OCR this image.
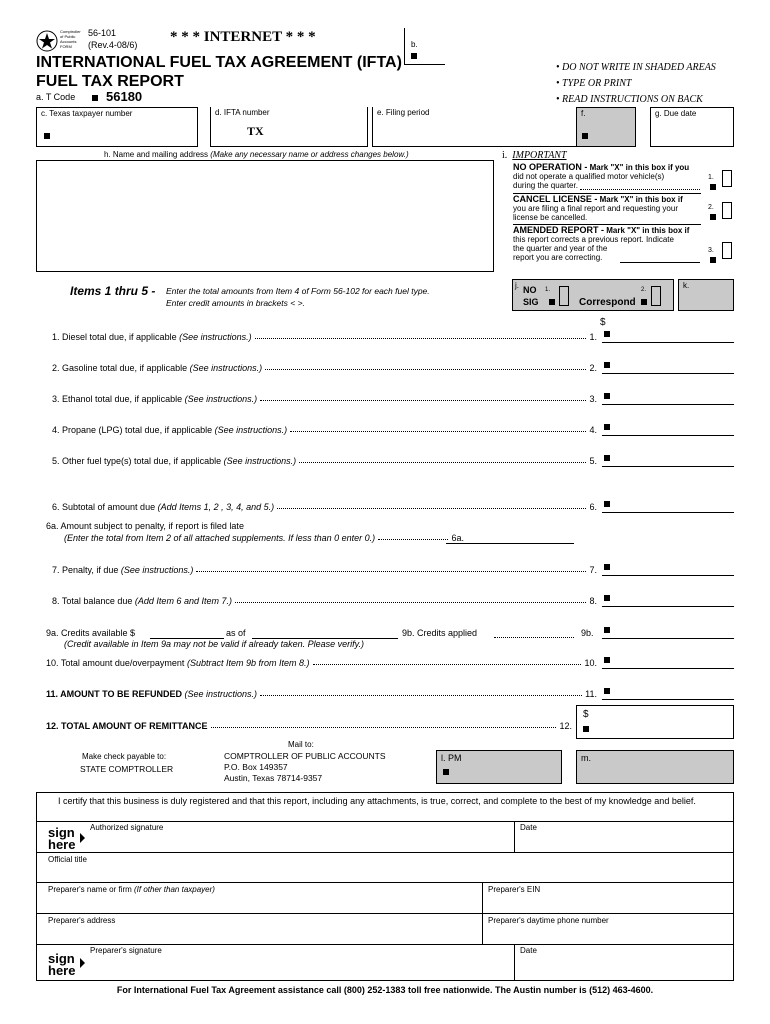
Comptroller of Public Accounts FORM
56-101
(Rev.4-08/6) * * * INTERNET * * *	b.
INTERNATIONAL FUEL TAX AGREEMENT (IFTA)
FUEL TAX REPORT
• DO NOT WRITE IN SHADED AREAS
• TYPE OR PRINT
• READ INSTRUCTIONS ON BACK
a. T Code 56180
c. Texas taxpayer number	d. IFTA number
TX
e. Filing period	f.	g. Due date
h. Name and mailing address (Make any necessary name or address changes below.)	i. IMPORTANT
NO OPERATION - Mark "X" in this box if you
did not operate a qualified motor vehicle(s)
during the quarter.
1.
CANCEL LICENSE - Mark "X" in this box if
you are filing a final report and requesting your
license be cancelled.
2.
AMENDED REPORT - Mark "X" in this box if
this report corrects a previous report. Indicate
the quarter and year of the
report you are correcting.
3.
Items 1 thru 5 - Enter the total amounts from Item 4 of Form 56-102 for each fuel type.
Enter credit amounts in brackets < >.
j. NO SIG
1.	2.
Correspond
k.
$
1. Diesel total due, if applicable
(See instructions.)	1.
2. Gasoline total due, if applicable
(See instructions.)	2.
3. Ethanol total due, if applicable
(See instructions.)	3.
4. Propane (LPG) total due, if applicable
(See instructions.)	4.
5. Other fuel type(s) total due, if applicable
(See instructions.)	5.
6. Subtotal of amount due
(Add Items 1, 2 , 3, 4, and 5.)	6.
6a. Amount subject to penalty, if report is filed late
(Enter the total from Item 2 of all attached supplements. If less than 0 enter 0.)	6a.
7. Penalty, if due
(See instructions.)	7.
8. Total balance due
(Add Item 6 and Item 7.)	8.
9a. Credits available $	as of	9b. Credits applied	9b.
(Credit available in Item 9a may not be valid if already taken. Please verify.)
10. Total amount due/overpayment
(Subtract Item 9b from Item 8.)	10.
11. AMOUNT TO BE REFUNDED
(See instructions.)	11.
12. TOTAL AMOUNT OF REMITTANCE	12.
$
Make check payable to:
STATE COMPTROLLER
Mail to:
COMPTROLLER OF PUBLIC ACCOUNTS
P.O. Box 149357
Austin, Texas 78714-9357
l. PM	m.
I certify that this business is duly registered and that this report, including any attachments, is true, correct, and complete to the best of my knowledge and belief.
sign
here
Authorized signature	Date
Official title
Preparer's name or firm (If other than taxpayer)	Preparer's EIN
Preparer's address	Preparer's daytime phone number
sign
here
Preparer's signature	Date
For International Fuel Tax Agreement assistance call (800) 252-1383 toll free nationwide. The Austin number is (512) 463-4600.
